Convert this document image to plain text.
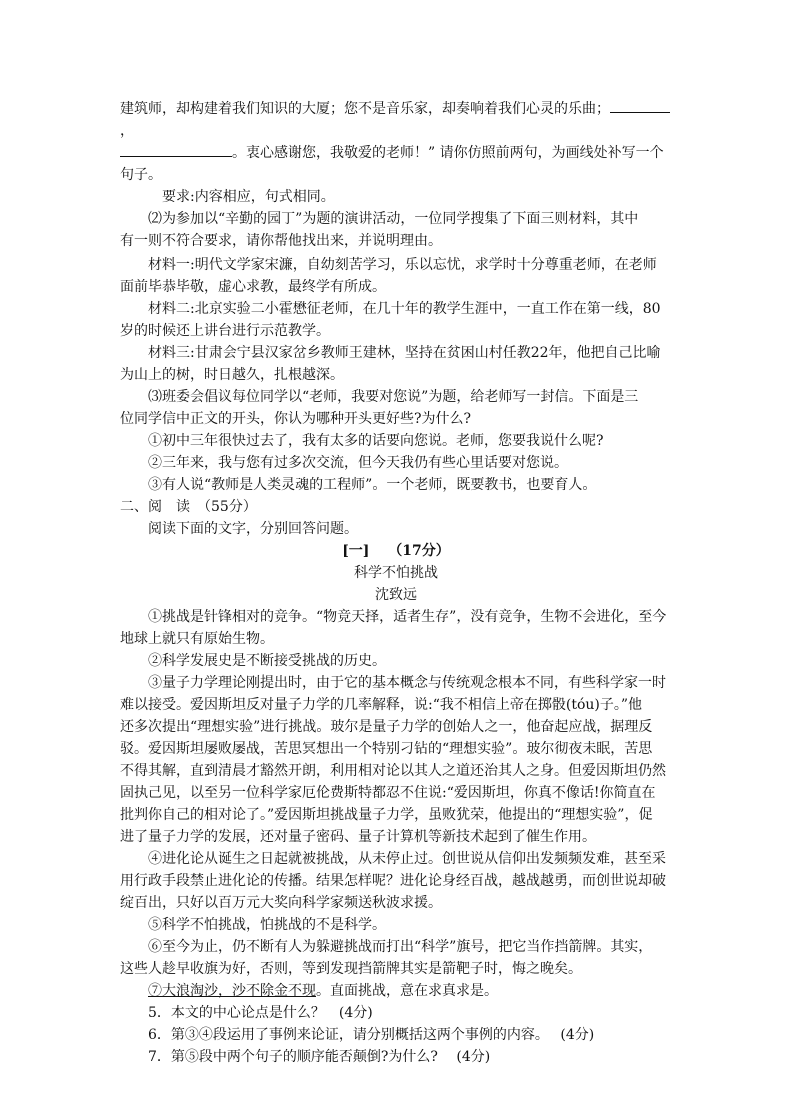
建筑师，却构建着我们知识的大厦；您不是音乐家，却奏响着我们心灵的乐曲；
，
。衷心感谢您，我敬爱的老师！” 请你仿照前两句，为画线处补写一个
句子。
要求:内容相应，句式相同。
⑵为参加以“辛勤的园丁”为题的演讲活动，一位同学搜集了下面三则材料，其中
有一则不符合要求，请你帮他找出来，并说明理由。
材料一:明代文学家宋濂，自幼刻苦学习，乐以忘忧，求学时十分尊重老师，在老师
面前毕恭毕敬，虚心求教，最终学有所成。
材料二:北京实验二小霍懋征老师，在几十年的教学生涯中，一直工作在第一线，80
岁的时候还上讲台进行示范教学。
材料三:甘肃会宁县汉家岔乡教师王建林，坚持在贫困山村任教22年，他把自己比喻
为山上的树，时日越久，扎根越深。
⑶班委会倡议每位同学以“老师，我要对您说”为题，给老师写一封信。下面是三
位同学信中正文的开头，你认为哪种开头更好些?为什么?
①初中三年很快过去了，我有太多的话要向您说。老师，您要我说什么呢?
②三年来，我与您有过多次交流，但今天我仍有些心里话要对您说。
③有人说“教师是人类灵魂的工程师”。一个老师，既要教书，也要育人。
二、阅　读　（55分）
阅读下面的文字，分别回答问题。
[一]　 （17分）
科学不怕挑战
沈致远
①挑战是针锋相对的竞争。“物竞天择，适者生存”，没有竞争，生物不会进化，至今
地球上就只有原始生物。
②科学发展史是不断接受挑战的历史。
③量子力学理论刚提出时，由于它的基本概念与传统观念根本不同，有些科学家一时
难以接受。爱因斯坦反对量子力学的几率解释，说:“我不相信上帝在掷骰(tóu)子。”他
还多次提出“理想实验”进行挑战。玻尔是量子力学的创始人之一，他奋起应战，据理反
驳。爱因斯坦屡败屡战，苦思冥想出一个特别刁钻的“理想实验”。玻尔彻夜未眠，苦思
不得其解，直到清晨才豁然开朗，利用相对论以其人之道还治其人之身。但爱因斯坦仍然
固执己见，以至另一位科学家厄伦费斯特都忍不住说:“爱因斯坦，你真不像话!你简直在
批判你自己的相对论了。”爱因斯坦挑战量子力学，虽败犹荣，他提出的“理想实验”，促
进了量子力学的发展，还对量子密码、量子计算机等新技术起到了催生作用。
④进化论从诞生之日起就被挑战，从未停止过。创世说从信仰出发频频发难，甚至采
用行政手段禁止进化论的传播。结果怎样呢？进化论身经百战，越战越勇，而创世说却破
绽百出，只好以百万元大奖向科学家频送秋波求援。
⑤科学不怕挑战，怕挑战的不是科学。
⑥至今为止，仍不断有人为躲避挑战而打出“科学”旗号，把它当作挡箭牌。其实，
这些人趁早收旗为好，否则，等到发现挡箭牌其实是箭靶子时，悔之晚矣。
⑦大浪淘沙，沙不除金不现。直面挑战，意在求真求是。
5．本文的中心论点是什么？　(4分)
6．第③④段运用了事例来论证，请分别概括这两个事例的内容。　 (4分)
7．第⑤段中两个句子的顺序能否颠倒?为什么?　 (4分)
